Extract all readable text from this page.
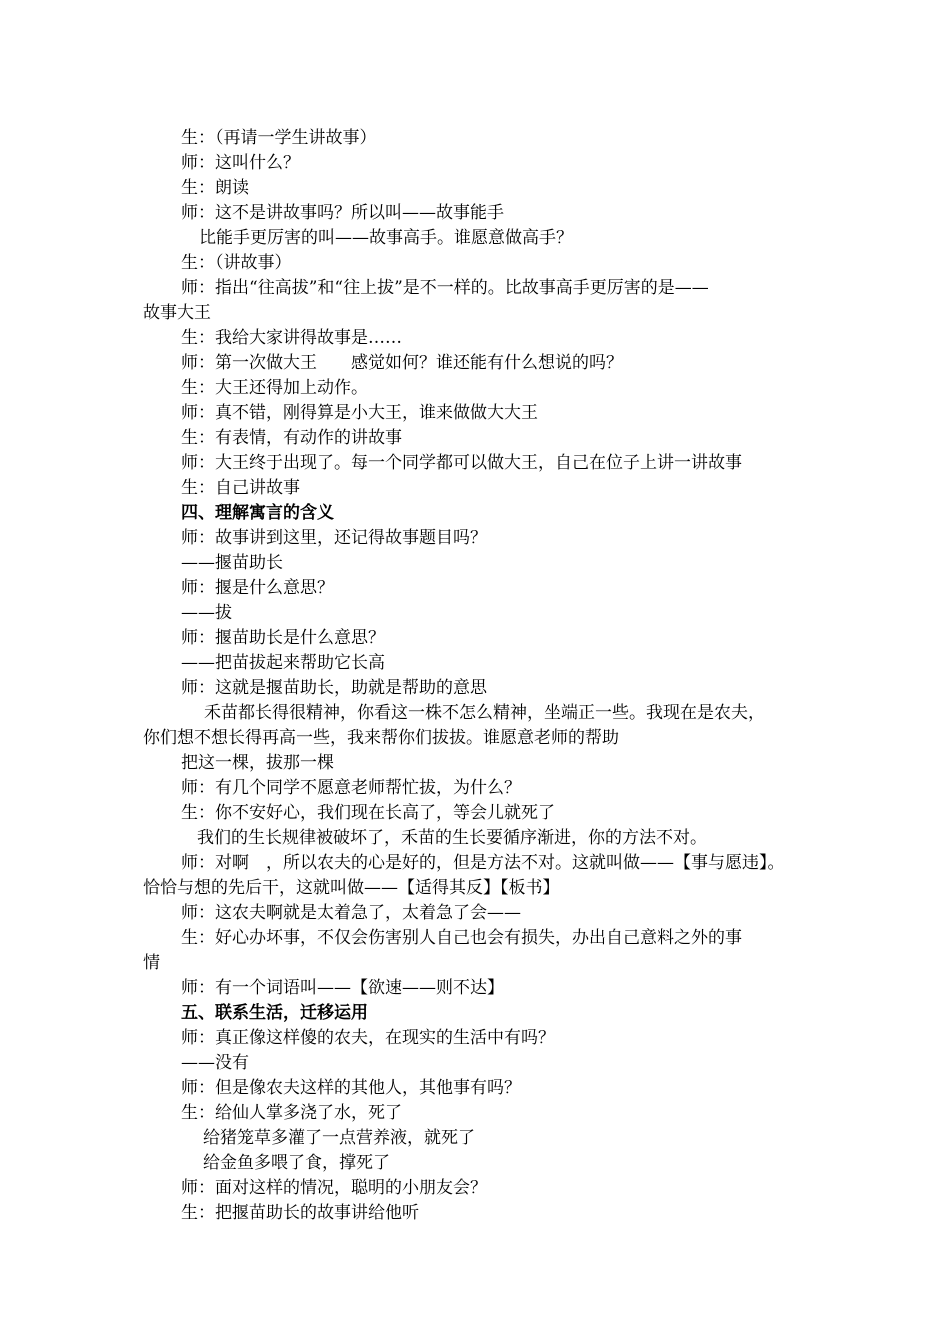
生：（再请一学生讲故事）
师：这叫什么？
生：朗读
师：这不是讲故事吗？所以叫——故事能手
比能手更厉害的叫——故事高手。谁愿意做高手？
生：（讲故事）
师：指出“往高拔”和“往上拔”是不一样的。比故事高手更厉害的是——
故事大王
生：我给大家讲得故事是……
师：第一次做大王　　感觉如何？谁还能有什么想说的吗？
生：大王还得加上动作。
师：真不错，刚得算是小大王，谁来做做大大王
生：有表情，有动作的讲故事
师：大王终于出现了。每一个同学都可以做大王，自己在位子上讲一讲故事
生：自己讲故事
四、理解寓言的含义
师：故事讲到这里，还记得故事题目吗？
——揠苗助长
师：揠是什么意思？
——拔
师：揠苗助长是什么意思？
——把苗拔起来帮助它长高
师：这就是揠苗助长，助就是帮助的意思
禾苗都长得很精神，你看这一株不怎么精神，坐端正一些。我现在是农夫，
你们想不想长得再高一些，我来帮你们拔拔。谁愿意老师的帮助
把这一棵，拔那一棵
师：有几个同学不愿意老师帮忙拔，为什么？
生：你不安好心，我们现在长高了，等会儿就死了
我们的生长规律被破坏了，禾苗的生长要循序渐进，你的方法不对。
师：对啊　，所以农夫的心是好的，但是方法不对。这就叫做——【事与愿违】。
恰恰与想的先后干，这就叫做——【适得其反】【板书】
师：这农夫啊就是太着急了，太着急了会——
生：好心办坏事，不仅会伤害别人自己也会有损失，办出自己意料之外的事
情
师：有一个词语叫——【欲速——则不达】
五、联系生活，迁移运用
师：真正像这样傻的农夫，在现实的生活中有吗？
——没有
师：但是像农夫这样的其他人，其他事有吗？
生：给仙人掌多浇了水，死了
给猪笼草多灌了一点营养液，就死了
给金鱼多喂了食，撑死了
师：面对这样的情况，聪明的小朋友会？
生：把揠苗助长的故事讲给他听
